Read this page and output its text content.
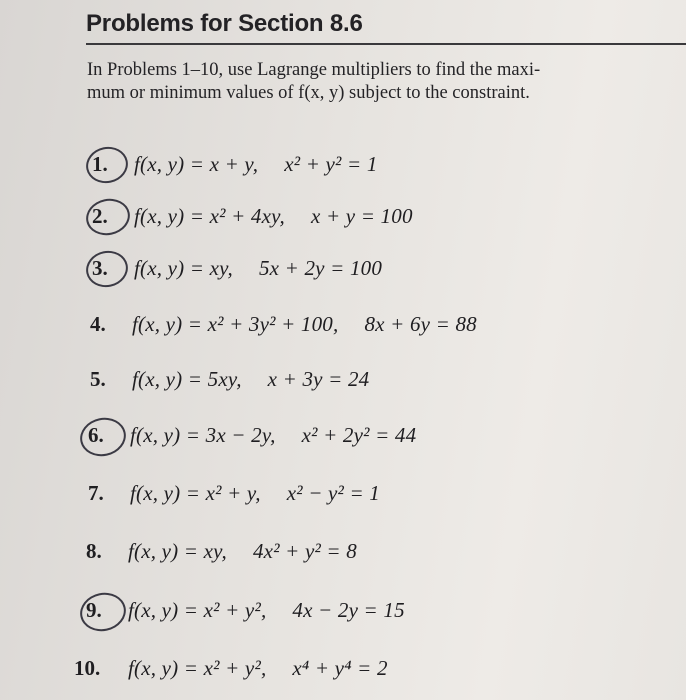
Problems for Section 8.6

In Problems 1–10, use Lagrange multipliers to find the maxi-

mum or minimum values of f(x, y) subject to the constraint.

1. f(x, y) = x + y, x² + y² = 1
2. f(x, y) = x² + 4xy, x + y = 100
3. f(x, y) = xy, 5x + 2y = 100
4. f(x, y) = x² + 3y² + 100, 8x + 6y = 88
5. f(x, y) = 5xy, x + 3y = 24
6. f(x, y) = 3x − 2y, x² + 2y² = 44
7. f(x, y) = x² + y, x² − y² = 1
8. f(x, y) = xy, 4x² + y² = 8
9. f(x, y) = x² + y², 4x − 2y = 15
10. f(x, y) = x² + y², x⁴ + y⁴ = 2
